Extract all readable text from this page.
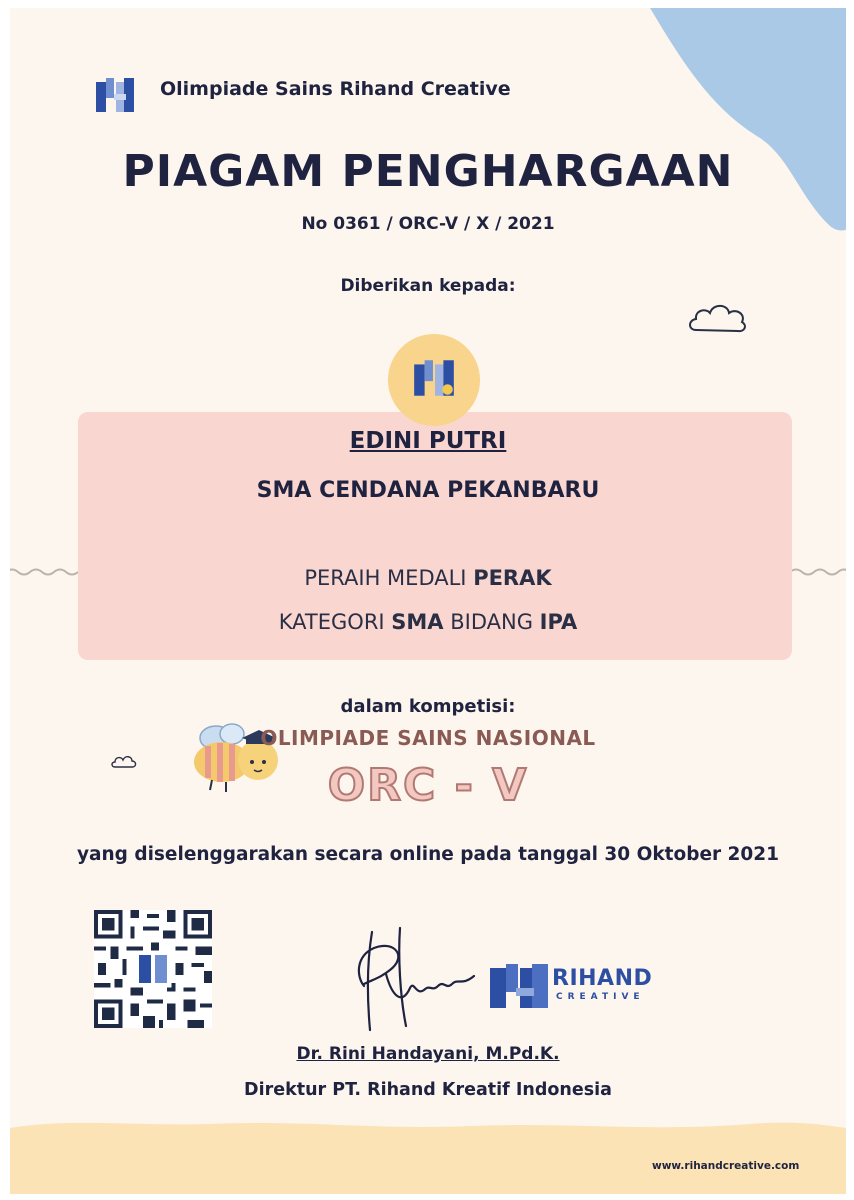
Olimpiade Sains Rihand Creative
PIAGAM PENGHARGAAN
No 0361 / ORC-V / X / 2021
Diberikan kepada:
EDINI PUTRI
SMA CENDANA PEKANBARU
PERAIH MEDALI PERAK
KATEGORI SMA BIDANG IPA
dalam kompetisi:
OLIMPIADE SAINS NASIONAL
ORC - V
yang diselenggarakan secara online pada tanggal 30 Oktober 2021
RIHAND
CREATIVE
Dr. Rini Handayani, M.Pd.K.
Direktur PT. Rihand Kreatif Indonesia
www.rihandcreative.com
